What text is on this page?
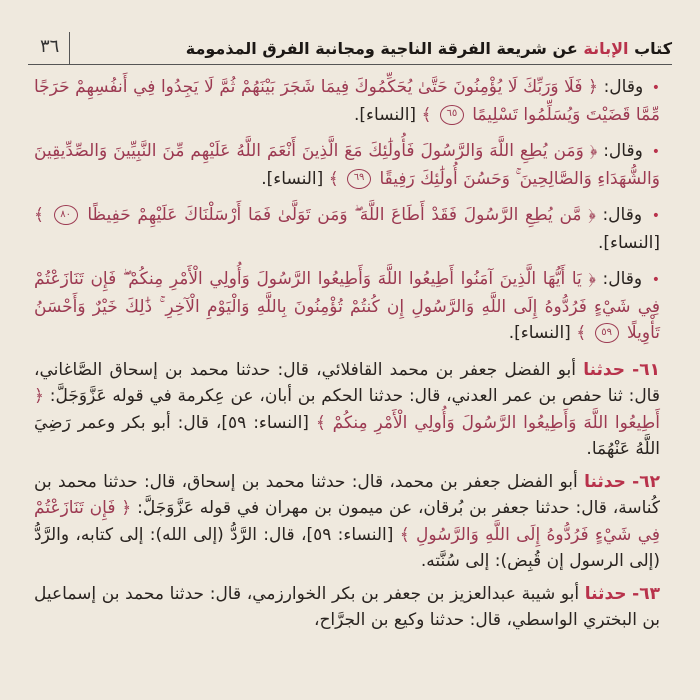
كتاب الإبانة عن شريعة الفرقة الناجية ومجانبة الفرق المذمومة
٣٦

• وقال: ﴿ فَلَا وَرَبِّكَ لَا يُؤْمِنُونَ حَتَّىٰ يُحَكِّمُوكَ فِيمَا شَجَرَ بَيْنَهُمْ ثُمَّ لَا يَجِدُوا فِي أَنفُسِهِمْ حَرَجًا مِّمَّا قَضَيْتَ وَيُسَلِّمُوا تَسْلِيمًا ٦٥ ﴾ [النساء].

• وقال: ﴿ وَمَن يُطِعِ اللَّهَ وَالرَّسُولَ فَأُولَٰئِكَ مَعَ الَّذِينَ أَنْعَمَ اللَّهُ عَلَيْهِم مِّنَ النَّبِيِّينَ وَالصِّدِّيقِينَ وَالشُّهَدَاءِ وَالصَّالِحِينَ ۚ وَحَسُنَ أُولَٰئِكَ رَفِيقًا ٦٩ ﴾ [النساء].

• وقال: ﴿ مَّن يُطِعِ الرَّسُولَ فَقَدْ أَطَاعَ اللَّهَ ۖ وَمَن تَوَلَّىٰ فَمَا أَرْسَلْنَاكَ عَلَيْهِمْ حَفِيظًا ٨٠ ﴾ [النساء].

• وقال: ﴿ يَا أَيُّهَا الَّذِينَ آمَنُوا أَطِيعُوا اللَّهَ وَأَطِيعُوا الرَّسُولَ وَأُولِي الْأَمْرِ مِنكُمْ ۖ فَإِن تَنَازَعْتُمْ فِي شَيْءٍ فَرُدُّوهُ إِلَى اللَّهِ وَالرَّسُولِ إِن كُنتُمْ تُؤْمِنُونَ بِاللَّهِ وَالْيَوْمِ الْآخِرِ ۚ ذَٰلِكَ خَيْرٌ وَأَحْسَنُ تَأْوِيلًا ٥٩ ﴾ [النساء].

٦١- حدثنا أبو الفضل جعفر بن محمد القافلائي، قال: حدثنا محمد بن إسحاق الصَّاغاني، قال: ثنا حفص بن عمر العدني، قال: حدثنا الحكم بن أبان، عن عِكرمة في قوله عَزَّوَجَلَّ: ﴿ أَطِيعُوا اللَّهَ وَأَطِيعُوا الرَّسُولَ وَأُولِي الْأَمْرِ مِنكُمْ ﴾ [النساء: ٥٩]، قال: أبو بكر وعمر رَضِيَ اللَّهُ عَنْهُمَا.

٦٢- حدثنا أبو الفضل جعفر بن محمد، قال: حدثنا محمد بن إسحاق، قال: حدثنا محمد بن كُناسة، قال: حدثنا جعفر بن بُرقان، عن ميمون بن مهران في قوله عَزَّوَجَلَّ: ﴿ فَإِن تَنَازَعْتُمْ فِي شَيْءٍ فَرُدُّوهُ إِلَى اللَّهِ وَالرَّسُولِ ﴾ [النساء: ٥٩]، قال: الرَّدُّ (إلى الله): إلى كتابه، والرَّدُّ (إلى الرسول إن قُبِض): إلى سُنَّته.

٦٣- حدثنا أبو شيبة عبدالعزيز بن جعفر بن بكر الخوارزمي، قال: حدثنا محمد بن إسماعيل بن البختري الواسطي، قال: حدثنا وكيع بن الجرَّاح،
